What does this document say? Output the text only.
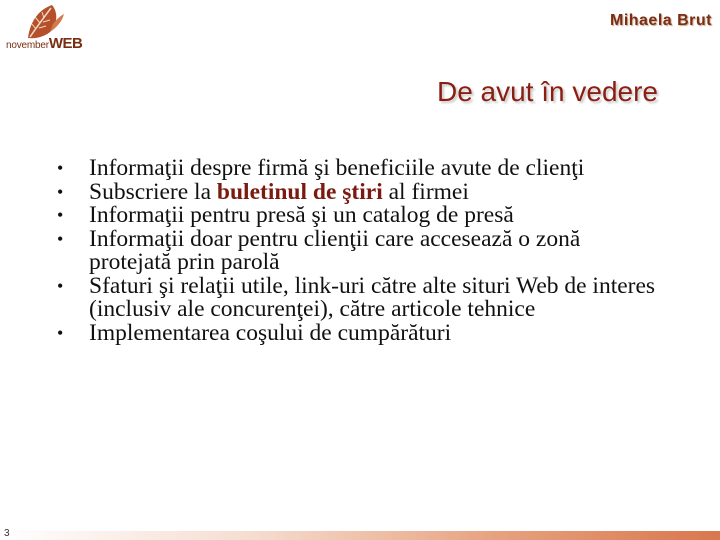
novemberWEB
Mihaela Brut
De avut în vedere
• Informaţii despre firmă şi beneficiile avute de clienţi
• Subscriere la buletinul de ştiri al firmei
• Informaţii pentru presă şi un catalog de presă
• Informaţii doar pentru clienţii care accesează o zonă protejată prin parolă
• Sfaturi şi relaţii utile, link-uri către alte situri Web de interes (inclusiv ale concurenţei), către articole tehnice
• Implementarea coşului de cumpărături
3
